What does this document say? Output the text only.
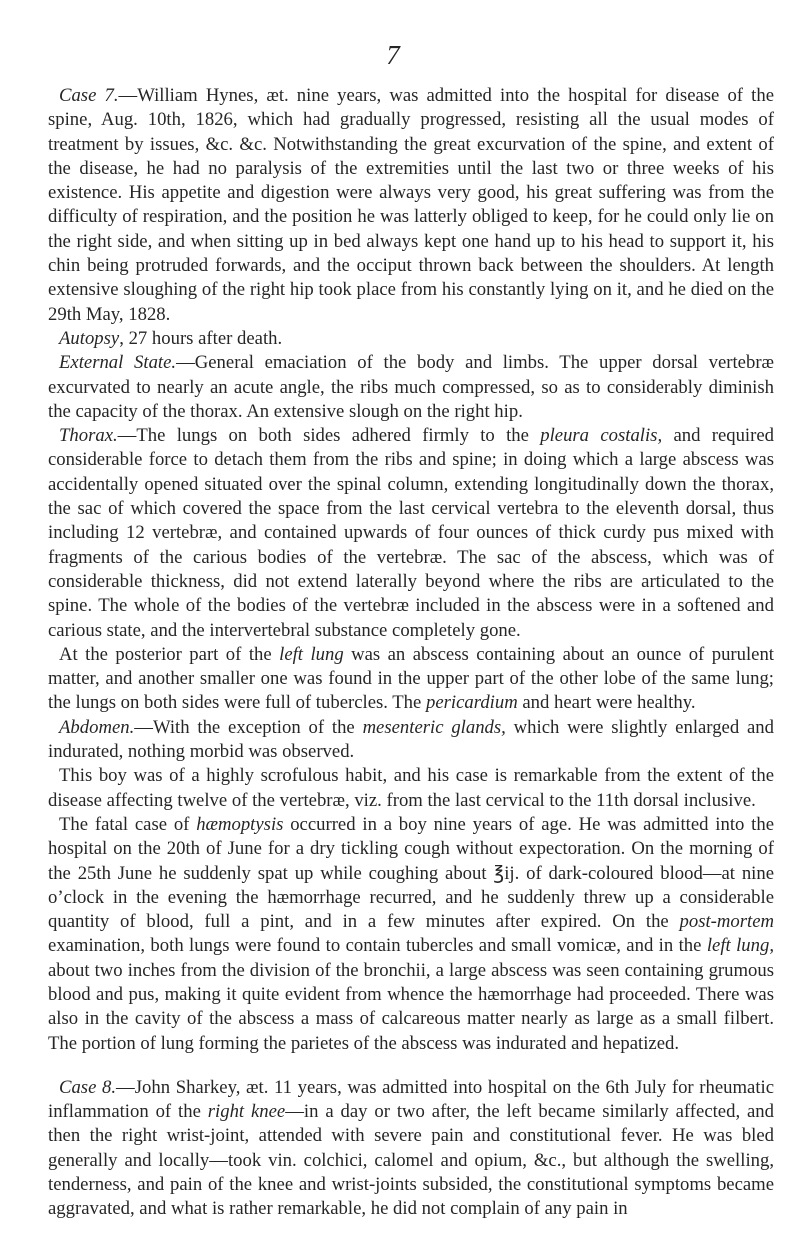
7

Case 7.—William Hynes, æt. nine years, was admitted into the hospital for disease of the spine, Aug. 10th, 1826, which had gradually progressed, resisting all the usual modes of treatment by issues, &c. &c. Notwithstanding the great excurvation of the spine, and extent of the disease, he had no paralysis of the extremities until the last two or three weeks of his existence. His appetite and digestion were always very good, his great suffering was from the difficulty of respiration, and the position he was latterly obliged to keep, for he could only lie on the right side, and when sitting up in bed always kept one hand up to his head to support it, his chin being protruded forwards, and the occiput thrown back between the shoulders. At length extensive sloughing of the right hip took place from his constantly lying on it, and he died on the 29th May, 1828.

Autopsy, 27 hours after death.

External State.—General emaciation of the body and limbs. The upper dorsal vertebræ excurvated to nearly an acute angle, the ribs much compressed, so as to considerably diminish the capacity of the thorax. An extensive slough on the right hip.

Thorax.—The lungs on both sides adhered firmly to the pleura costalis, and required considerable force to detach them from the ribs and spine; in doing which a large abscess was accidentally opened situated over the spinal column, extending longitudinally down the thorax, the sac of which covered the space from the last cervical vertebra to the eleventh dorsal, thus including 12 vertebræ, and contained upwards of four ounces of thick curdy pus mixed with fragments of the carious bodies of the vertebræ. The sac of the abscess, which was of considerable thickness, did not extend laterally beyond where the ribs are articulated to the spine. The whole of the bodies of the vertebræ included in the abscess were in a softened and carious state, and the intervertebral substance completely gone.

At the posterior part of the left lung was an abscess containing about an ounce of purulent matter, and another smaller one was found in the upper part of the other lobe of the same lung; the lungs on both sides were full of tubercles. The pericardium and heart were healthy.

Abdomen.—With the exception of the mesenteric glands, which were slightly enlarged and indurated, nothing morbid was observed.

This boy was of a highly scrofulous habit, and his case is remarkable from the extent of the disease affecting twelve of the vertebræ, viz. from the last cervical to the 11th dorsal inclusive.

The fatal case of hæmoptysis occurred in a boy nine years of age. He was admitted into the hospital on the 20th of June for a dry tickling cough without expectoration. On the morning of the 25th June he suddenly spat up while coughing about ℥ij. of dark-coloured blood—at nine o’clock in the evening the hæmorrhage recurred, and he suddenly threw up a considerable quantity of blood, full a pint, and in a few minutes after expired. On the post-mortem examination, both lungs were found to contain tubercles and small vomicæ, and in the left lung, about two inches from the division of the bronchii, a large abscess was seen containing grumous blood and pus, making it quite evident from whence the hæmorrhage had proceeded. There was also in the cavity of the abscess a mass of calcareous matter nearly as large as a small filbert. The portion of lung forming the parietes of the abscess was indurated and hepatized.

Case 8.—John Sharkey, æt. 11 years, was admitted into hospital on the 6th July for rheumatic inflammation of the right knee—in a day or two after, the left became similarly affected, and then the right wrist-joint, attended with severe pain and constitutional fever. He was bled generally and locally—took vin. colchici, calomel and opium, &c., but although the swelling, tenderness, and pain of the knee and wrist-joints subsided, the constitutional symptoms became aggravated, and what is rather remarkable, he did not complain of any pain in
